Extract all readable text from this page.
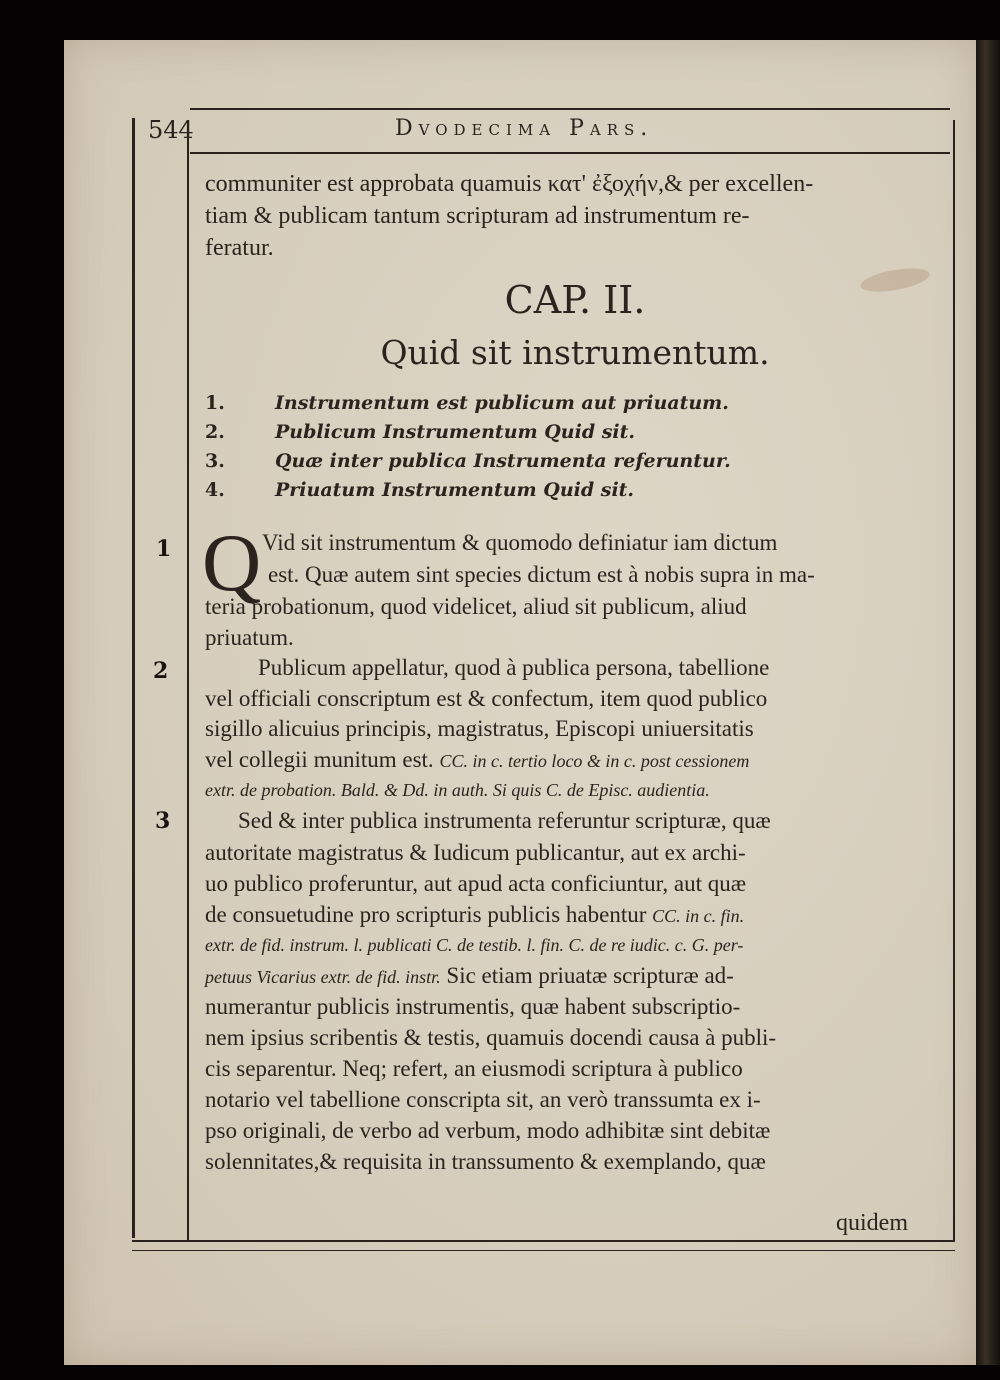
544	Dvodecima Pars.
communiter est approbata quamuis κατ' ἐξοχήν,& per excellen-
tiam & publicam tantum scripturam ad instrumentum re-
feratur.
CAP. II.
Quid sit instrumentum.
1.	Instrumentum est publicum aut priuatum.
2.	Publicum Instrumentum Quid sit.
3.	Quæ inter publica Instrumenta referuntur.
4.	Priuatum Instrumentum Quid sit.
1
2
3
Q Vid sit instrumentum & quomodo definiatur iam dictum
est. Quæ autem sint species dictum est à nobis supra in ma-
teria probationum, quod videlicet, aliud sit publicum, aliud
priuatum.
Publicum appellatur, quod à publica persona, tabellione
vel officiali conscriptum est & confectum, item quod publico
sigillo alicuius principis, magistratus, Episcopi uniuersitatis
vel collegii munitum est. CC. in c. tertio loco & in c. post cessionem
extr. de probation. Bald. & Dd. in auth. Si quis C. de Episc. audientia.
Sed & inter publica instrumenta referuntur scripturæ, quæ
autoritate magistratus & Iudicum publicantur, aut ex archi-
uo publico proferuntur, aut apud acta conficiuntur, aut quæ
de consuetudine pro scripturis publicis habentur CC. in c. fin.
extr. de fid. instrum. l. publicati C. de testib. l. fin. C. de re iudic. c. G. per-
petuus Vicarius extr. de fid. instr. Sic etiam priuatæ scripturæ ad-
numerantur publicis instrumentis, quæ habent subscriptio-
nem ipsius scribentis & testis, quamuis docendi causa à publi-
cis separentur. Neq; refert, an eiusmodi scriptura à publico
notario vel tabellione conscripta sit, an verò transsumta ex i-
pso originali, de verbo ad verbum, modo adhibitæ sint debitæ
solennitates,& requisita in transsumento & exemplando, quæ
quidem
